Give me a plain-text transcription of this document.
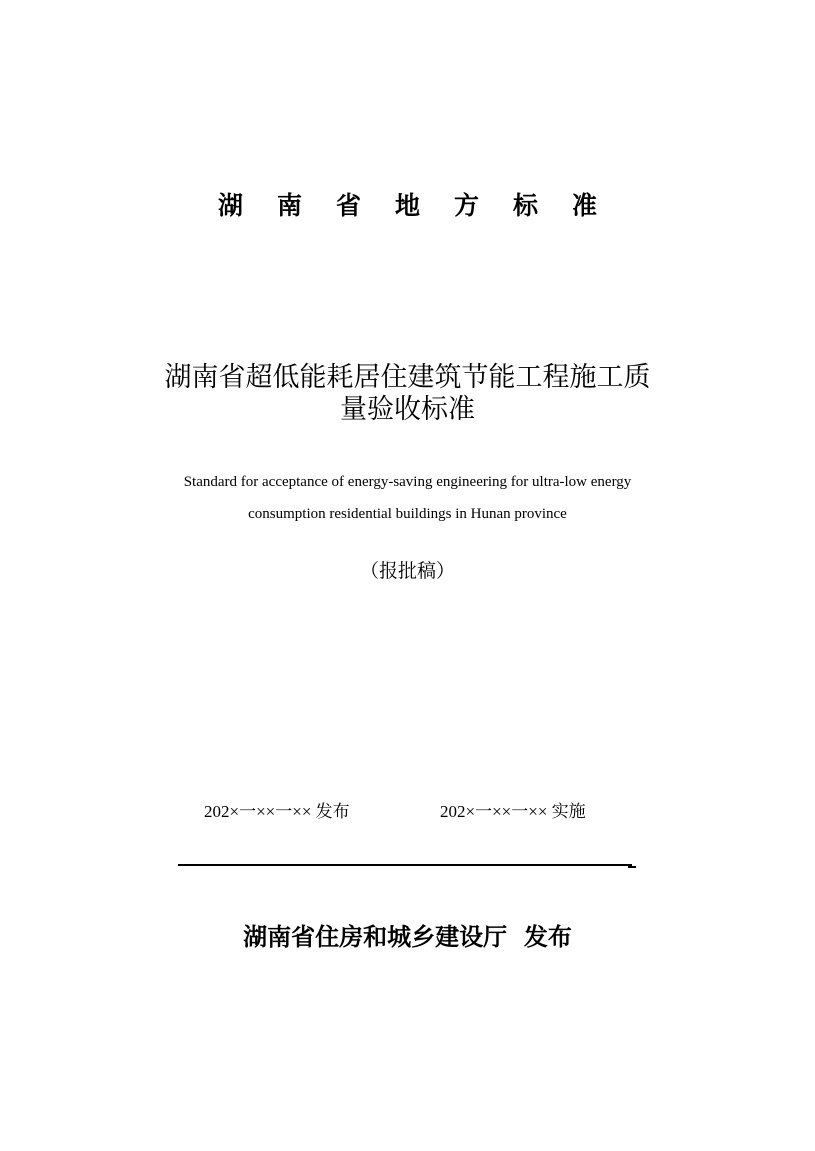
湖南省地方标准
湖南省超低能耗居住建筑节能工程施工质
量验收标准
Standard for acceptance of energy-saving engineering for ultra-low energy
consumption residential buildings in Hunan province
（报批稿）
202×一××一×× 发布	202×一××一×× 实施
湖南省住房和城乡建设厅  发布
